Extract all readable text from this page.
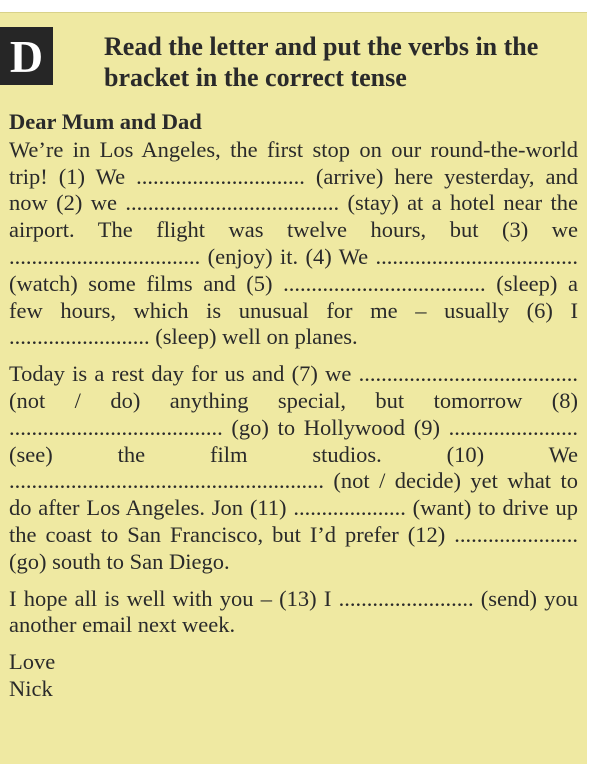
D	Read the letter and put the verbs in the bracket in the correct tense
Dear Mum and Dad
We’re in Los Angeles, the first stop on our round-the-world trip! (1) We .............................. (arrive) here yesterday, and now (2) we ...................................... (stay) at a hotel near the airport. The flight was twelve hours, but (3) we .................................. (enjoy) it. (4) We .................................... (watch) some films and (5) .................................... (sleep) a few hours, which is unusual for me – usually (6) I ......................... (sleep) well on planes.
Today is a rest day for us and (7) we ....................................... (not / do) anything special, but tomorrow (8) ...................................... (go) to Hollywood (9) ....................... (see) the film studios. (10) We ........................................................ (not / decide) yet what to do after Los Angeles. Jon (11) .................... (want) to drive up the coast to San Francisco, but I’d prefer (12) ...................... (go) south to San Diego.
I hope all is well with you – (13) I ........................ (send) you another email next week.
Love
Nick
